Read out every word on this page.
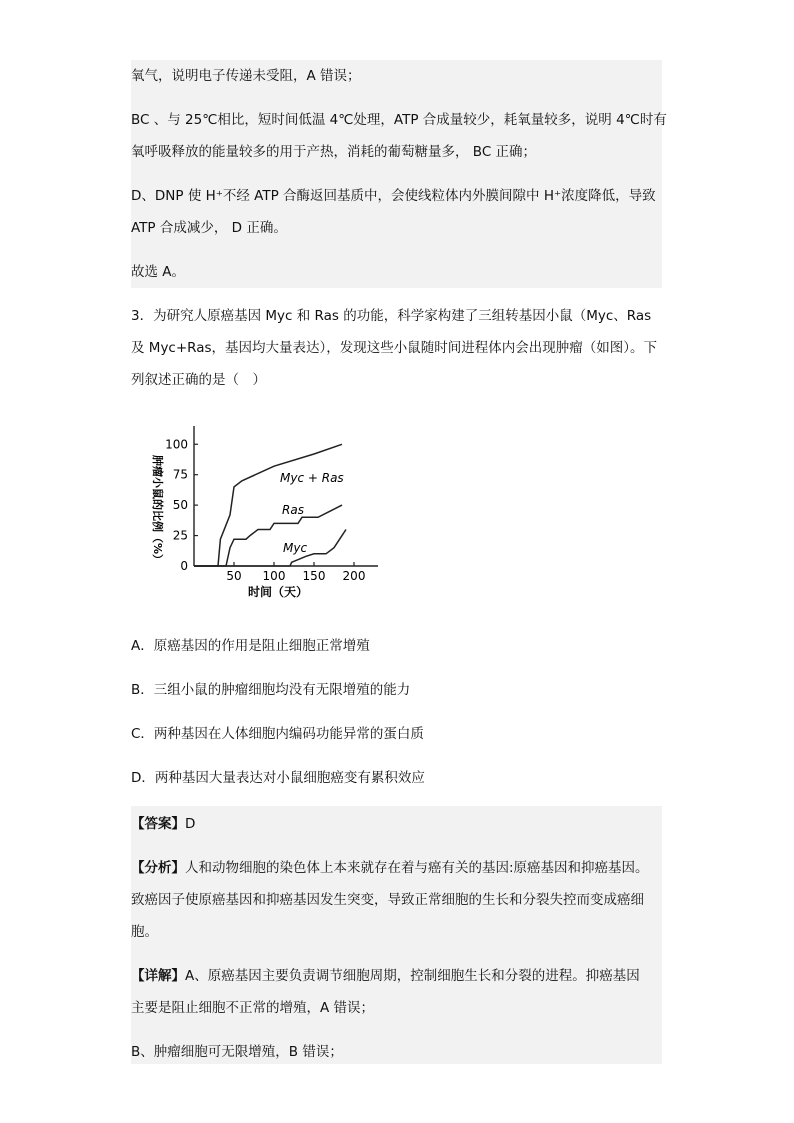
氧气，说明电子传递未受阻，A 错误；
BC 、与 25℃相比，短时间低温 4℃处理，ATP 合成量较少，耗氧量较多，说明 4℃时有
氧呼吸释放的能量较多的用于产热，消耗的葡萄糖量多， BC 正确；
D、DNP 使 H⁺不经 ATP 合酶返回基质中，会使线粒体内外膜间隙中 H⁺浓度降低，导致
ATP 合成减少， D 正确。
故选 A。
3．为研究人原癌基因 Myc 和 Ras 的功能，科学家构建了三组转基因小鼠（Myc、Ras
及 Myc+Ras，基因均大量表达），发现这些小鼠随时间进程体内会出现肿瘤（如图）。下
列叙述正确的是（　）
0
25
50
75
100
50 100 150 200
Myc + Ras
Ras
Myc
时间（天）
肿瘤小鼠的比例（%）
A．原癌基因的作用是阻止细胞正常增殖
B．三组小鼠的肿瘤细胞均没有无限增殖的能力
C．两种基因在人体细胞内编码功能异常的蛋白质
D．两种基因大量表达对小鼠细胞癌变有累积效应
【答案】D
【分析】人和动物细胞的染色体上本来就存在着与癌有关的基因:原癌基因和抑癌基因。
致癌因子使原癌基因和抑癌基因发生突变，导致正常细胞的生长和分裂失控而变成癌细
胞。
【详解】A、原癌基因主要负责调节细胞周期，控制细胞生长和分裂的进程。抑癌基因
主要是阻止细胞不正常的增殖，A 错误；
B、肿瘤细胞可无限增殖，B 错误；
